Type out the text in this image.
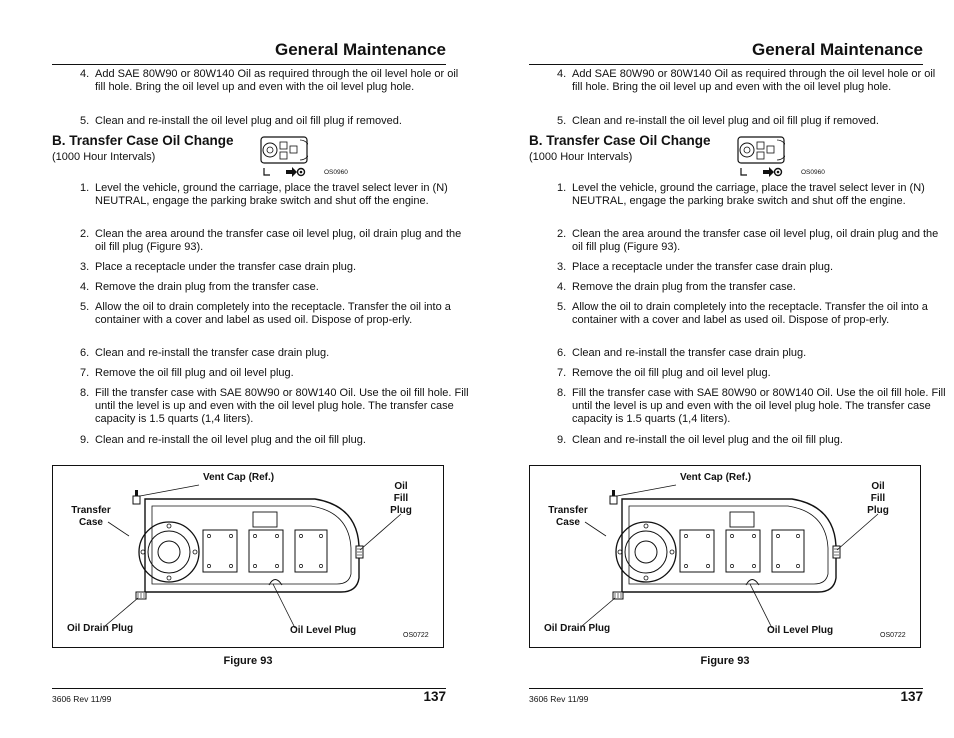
General Maintenance
4. Add SAE 80W90 or 80W140 Oil as required through the oil level hole or oil fill hole. Bring the oil level up and even with the oil level plug hole.
5. Clean and re-install the oil level plug and oil fill plug if removed.
B. Transfer Case Oil Change
(1000 Hour Intervals)
OS0960
1. Level the vehicle, ground the carriage, place the travel select lever in (N) NEUTRAL, engage the parking brake switch and shut off the engine.
2. Clean the area around the transfer case oil level plug, oil drain plug and the oil fill plug (Figure 93).
3. Place a receptacle under the transfer case drain plug.
4. Remove the drain plug from the transfer case.
5. Allow the oil to drain completely into the receptacle. Transfer the oil into a container with a cover and label as used oil. Dispose of prop-erly.
6. Clean and re-install the transfer case drain plug.
7. Remove the oil fill plug and oil level plug.
8. Fill the transfer case with SAE 80W90 or 80W140 Oil. Use the oil fill hole. Fill until the level is up and even with the oil level plug hole. The transfer case capacity is 1.5 quarts (1,4 liters).
9. Clean and re-install the oil level plug and the oil fill plug.
Vent Cap (Ref.)
Transfer
Case
Oil
Fill
Plug
Oil Drain Plug	Oil Level Plug	OS0722
Figure 93
3606 Rev 11/99	137
General Maintenance
4. Add SAE 80W90 or 80W140 Oil as required through the oil level hole or oil fill hole. Bring the oil level up and even with the oil level plug hole.
5. Clean and re-install the oil level plug and oil fill plug if removed.
B. Transfer Case Oil Change
(1000 Hour Intervals)
OS0960
1. Level the vehicle, ground the carriage, place the travel select lever in (N) NEUTRAL, engage the parking brake switch and shut off the engine.
2. Clean the area around the transfer case oil level plug, oil drain plug and the oil fill plug (Figure 93).
3. Place a receptacle under the transfer case drain plug.
4. Remove the drain plug from the transfer case.
5. Allow the oil to drain completely into the receptacle. Transfer the oil into a container with a cover and label as used oil. Dispose of prop-erly.
6. Clean and re-install the transfer case drain plug.
7. Remove the oil fill plug and oil level plug.
8. Fill the transfer case with SAE 80W90 or 80W140 Oil. Use the oil fill hole. Fill until the level is up and even with the oil level plug hole. The transfer case capacity is 1.5 quarts (1,4 liters).
9. Clean and re-install the oil level plug and the oil fill plug.
Vent Cap (Ref.)
Transfer
Case
Oil
Fill
Plug
Oil Drain Plug	Oil Level Plug	OS0722
Figure 93
3606 Rev 11/99	137
